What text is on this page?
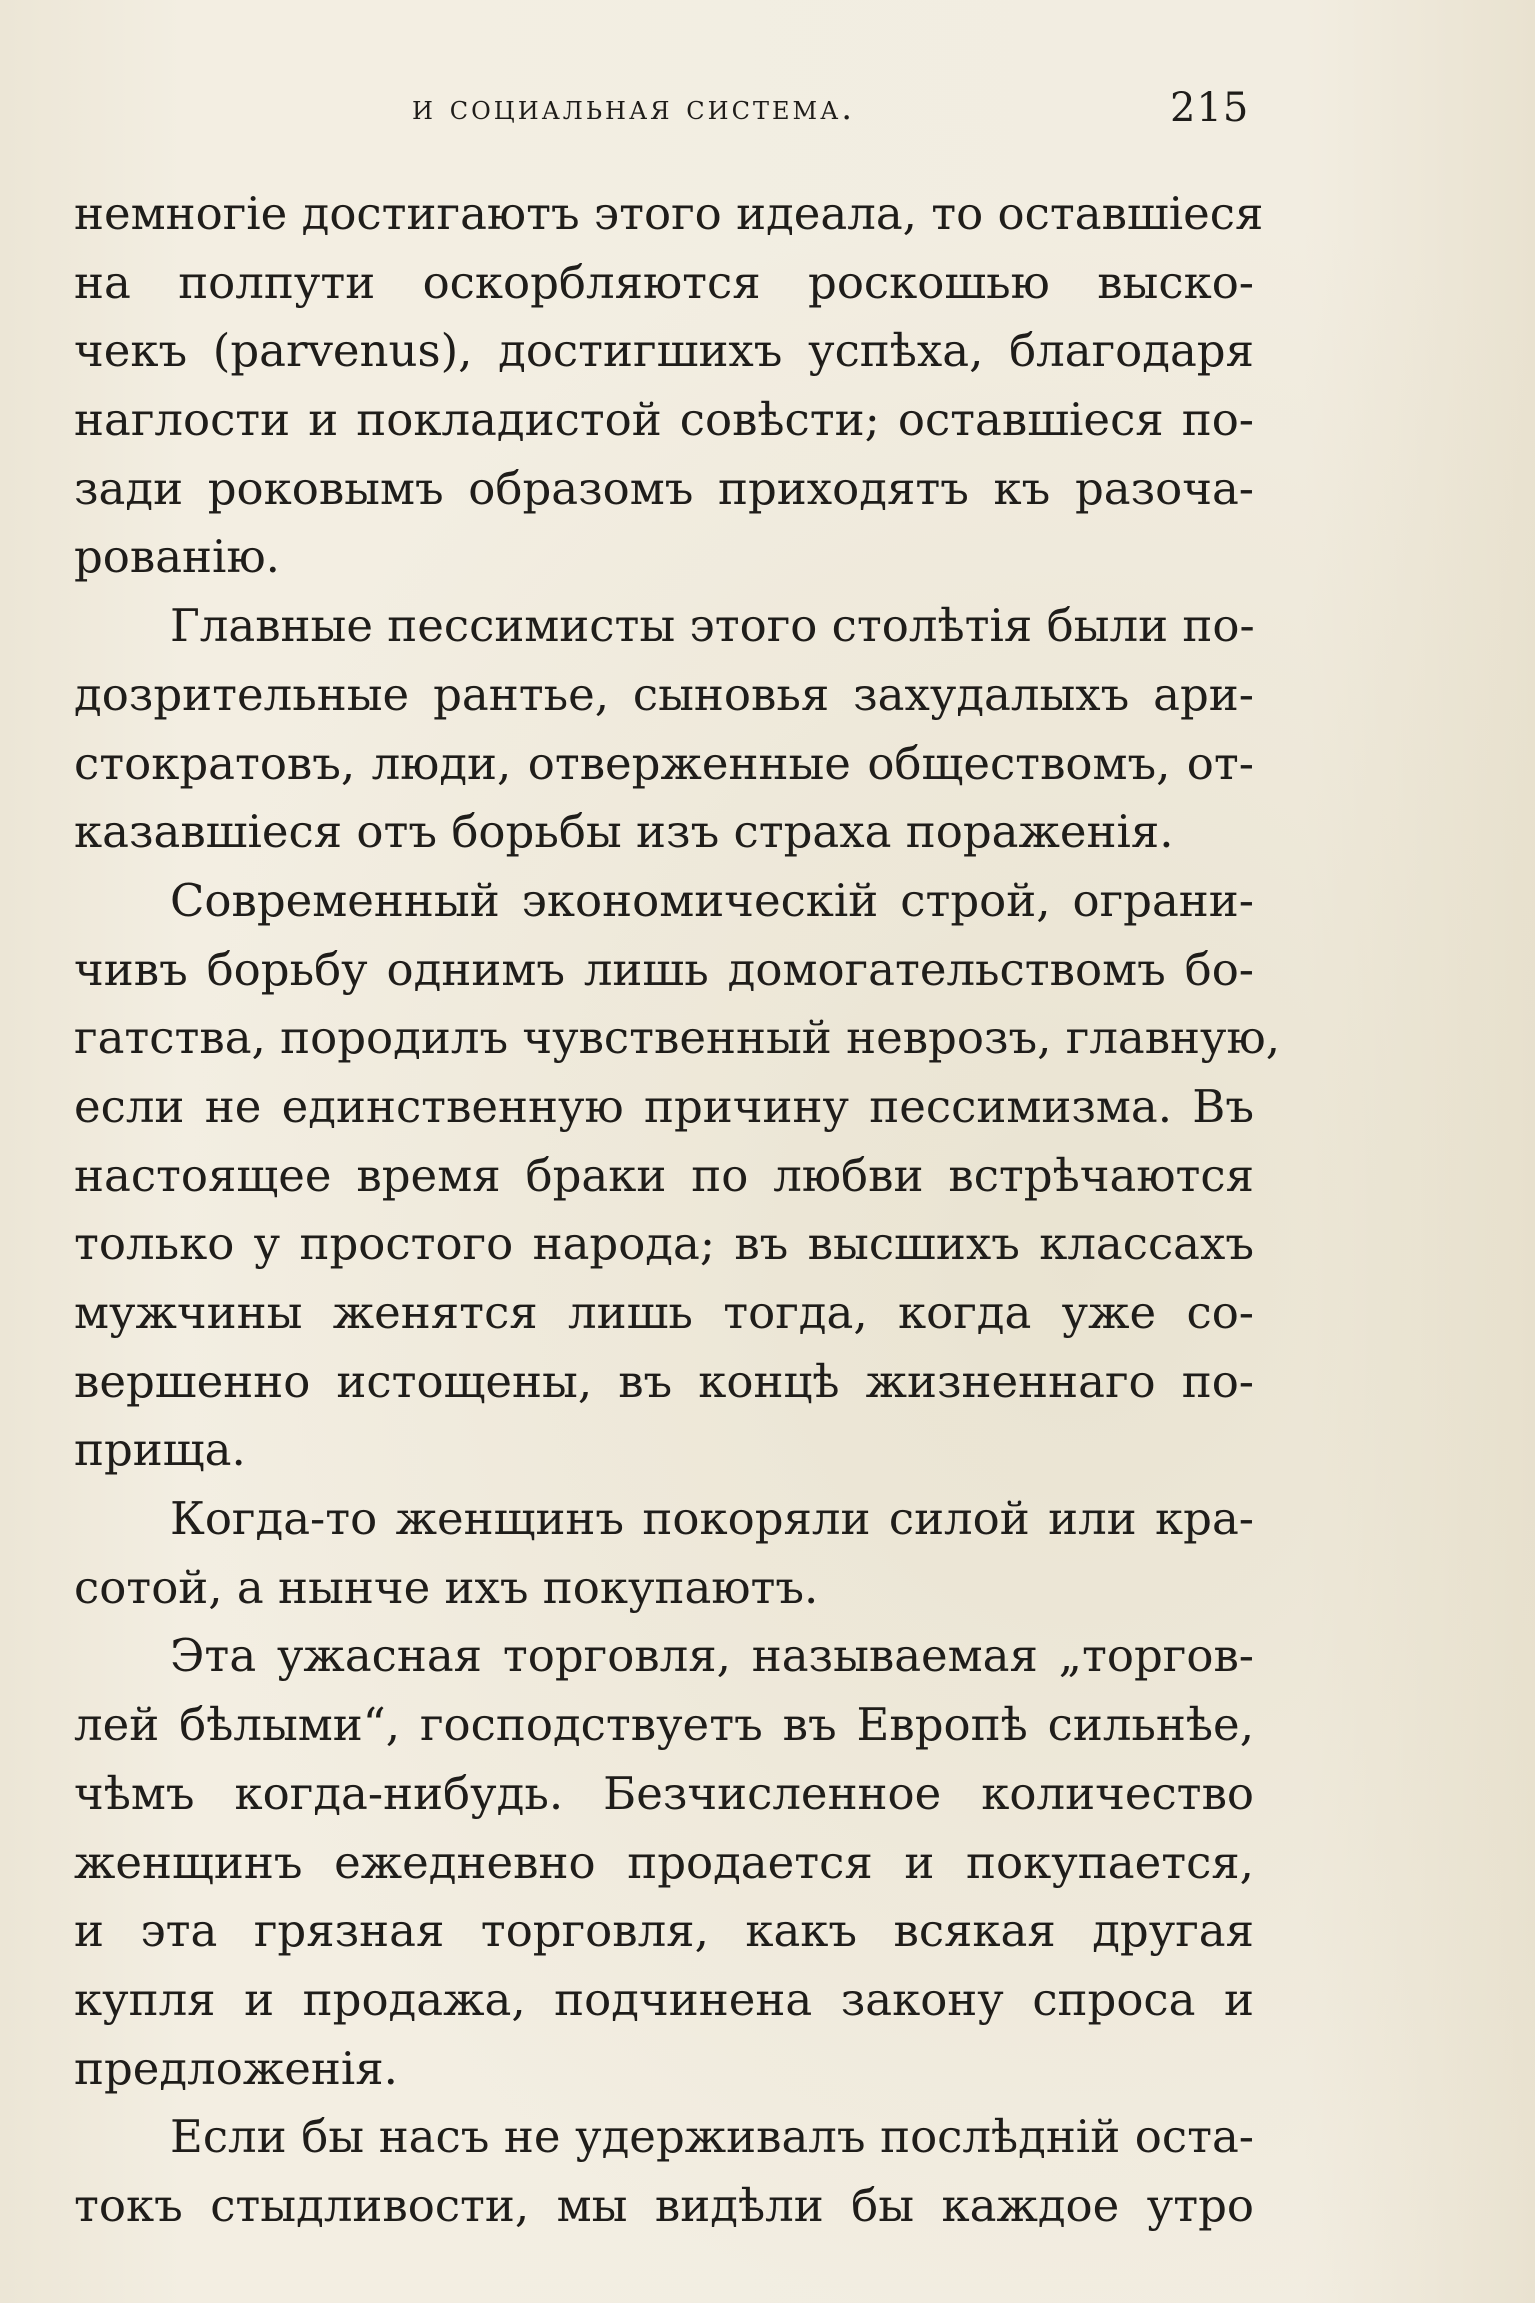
и социальная система.	215
немногіе достигаютъ этого идеала, то оставшіеся
на полпути оскорбляются роскошью выско-
чекъ (parvenus), достигшихъ успѣха, благодаря
наглости и покладистой совѣсти; оставшіеся по-
зади роковымъ образомъ приходятъ къ разоча-
рованію.
Главные пессимисты этого столѣтія были по-
дозрительные рантье, сыновья захудалыхъ ари-
стократовъ, люди, отверженные обществомъ, от-
казавшіеся отъ борьбы изъ страха пораженія.
Современный экономическій строй, ограни-
чивъ борьбу однимъ лишь домогательствомъ бо-
гатства, породилъ чувственный неврозъ, главную,
если не единственную причину пессимизма. Въ
настоящее время браки по любви встрѣчаются
только у простого народа; въ высшихъ классахъ
мужчины женятся лишь тогда, когда уже со-
вершенно истощены, въ концѣ жизненнаго по-
прища.
Когда-то женщинъ покоряли силой или кра-
сотой, а нынче ихъ покупаютъ.
Эта ужасная торговля, называемая „торгов-
лей бѣлыми“, господствуетъ въ Европѣ сильнѣе,
чѣмъ когда-нибудь. Безчисленное количество
женщинъ ежедневно продается и покупается,
и эта грязная торговля, какъ всякая другая
купля и продажа, подчинена закону спроса и
предложенія.
Если бы насъ не удерживалъ послѣдній оста-
токъ стыдливости, мы видѣли бы каждое утро
